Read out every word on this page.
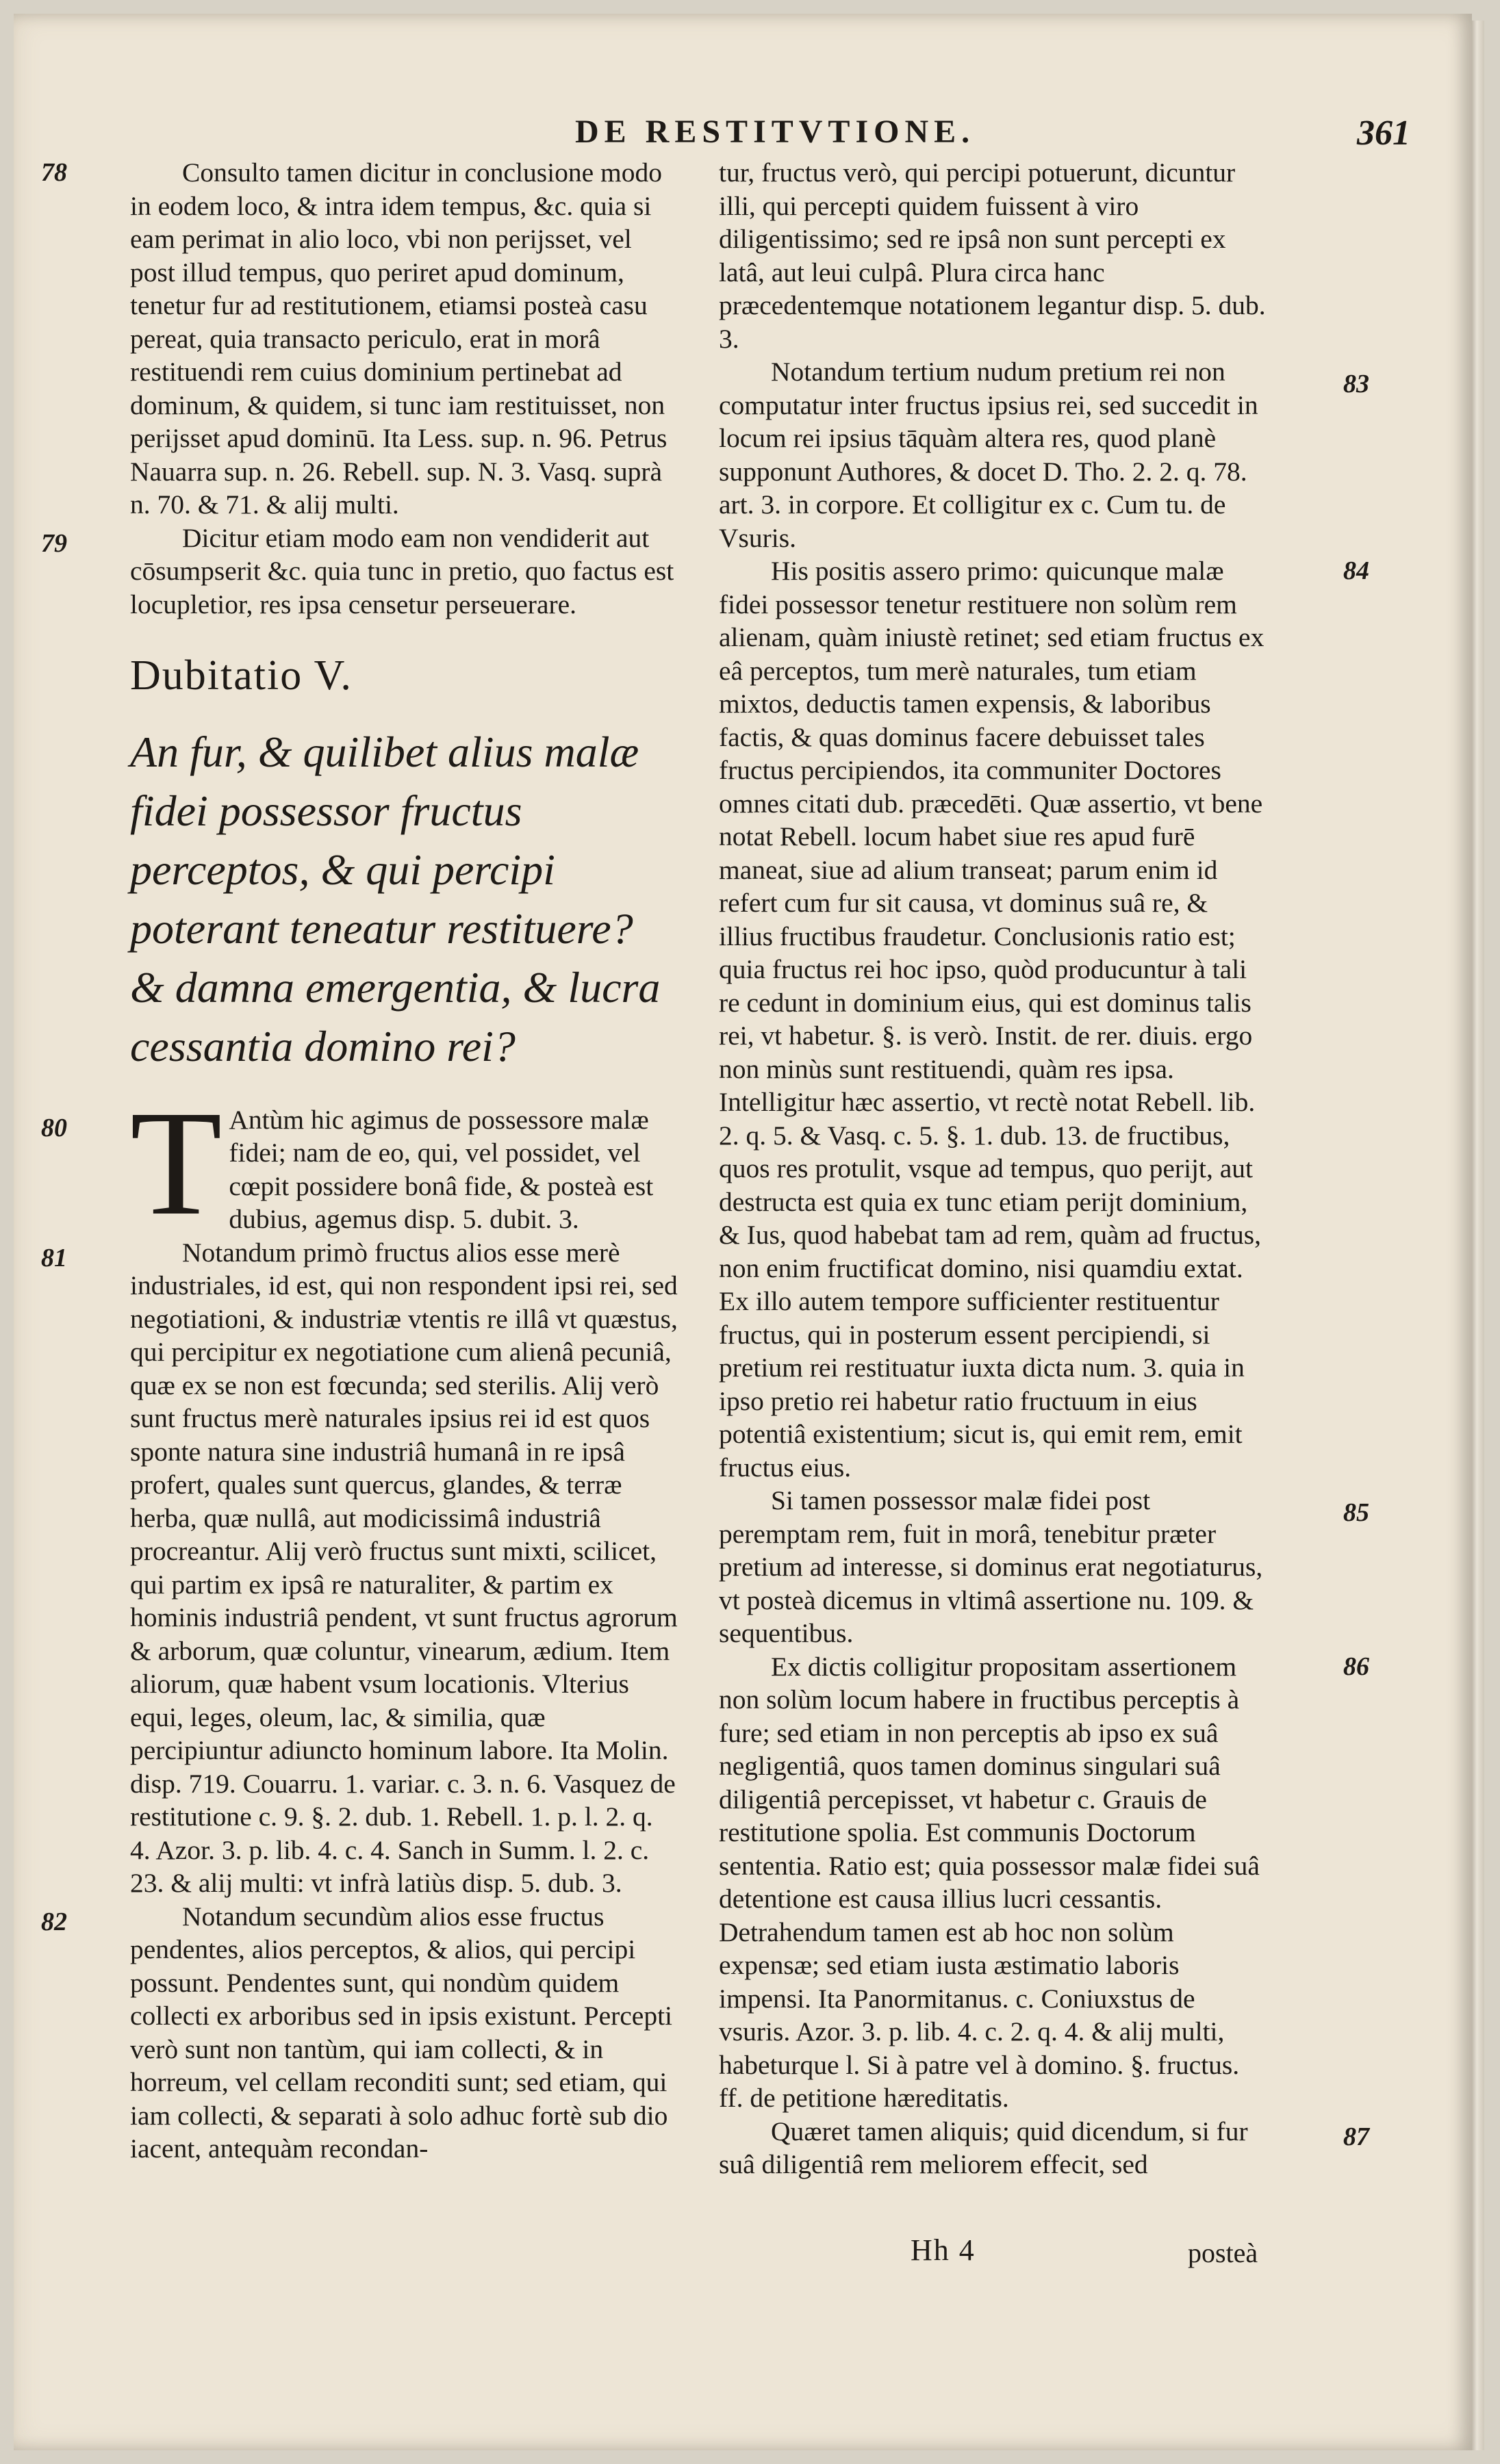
DE RESTITVTIONE.	361
78	Consulto tamen dicitur in conclusione modo in eodem loco, & intra idem tempus, &c. quia si eam perimat in alio loco, vbi non perijsset, vel post illud tempus, quo periret apud dominum, tenetur fur ad restitutionem, etiamsi posteà casu pereat, quia transacto periculo, erat in morâ restituendi rem cuius dominium pertinebat ad dominum, & quidem, si tunc iam restituisset, non perijsset apud dominū. Ita Less. sup. n. 96. Petrus Nauarra sup. n. 26. Rebell. sup. N. 3. Vasq. suprà n. 70. & 71. & alij multi.

79	Dicitur etiam modo eam non vendiderit aut cōsumpserit &c. quia tunc in pretio, quo factus est locupletior, res ipsa censetur perseuerare.

Dubitatio V.
An fur, & quilibet alius malæ fidei possessor fructus perceptos, & qui percipi poterant teneatur restituere? & damna emergentia, & lucra cessantia domino rei?
80 T Antùm hic agimus de possessore malæ fidei; nam de eo, qui, vel possidet, vel cœpit possidere bonâ fide, & posteà est dubius, agemus disp. 5. dubit. 3.

81	Notandum primò fructus alios esse merè industriales, id est, qui non respondent ipsi rei, sed negotiationi, & industriæ vtentis re illâ vt quæstus, qui percipitur ex negotiatione cum alienâ pecuniâ, quæ ex se non est fœcunda; sed sterilis. Alij verò sunt fructus merè naturales ipsius rei id est quos sponte natura sine industriâ humanâ in re ipsâ profert, quales sunt quercus, glandes, & terræ herba, quæ nullâ, aut modicissimâ industriâ procreantur. Alij verò fructus sunt mixti, scilicet, qui partim ex ipsâ re naturaliter, & partim ex hominis industriâ pendent, vt sunt fructus agrorum & arborum, quæ coluntur, vinearum, ædium. Item aliorum, quæ habent vsum locationis. Vlterius equi, leges, oleum, lac, & similia, quæ percipiuntur adiuncto hominum labore. Ita Molin. disp. 719. Couarru. 1. variar. c. 3. n. 6. Vasquez de restitutione c. 9. §. 2. dub. 1. Rebell. 1. p. l. 2. q. 4. Azor. 3. p. lib. 4. c. 4. Sanch in Summ. l. 2. c. 23. & alij multi: vt infrà latiùs disp. 5. dub. 3.

82	Notandum secundùm alios esse fructus pendentes, alios perceptos, & alios, qui percipi possunt. Pendentes sunt, qui nondùm quidem collecti ex arboribus sed in ipsis existunt. Percepti verò sunt non tantùm, qui iam collecti, & in horreum, vel cellam reconditi sunt; sed etiam, qui iam collecti, & separati à solo adhuc fortè sub dio iacent, antequàm recondan-

tur, fructus verò, qui percipi potuerunt, dicuntur illi, qui percepti quidem fuissent à viro diligentissimo; sed re ipsâ non sunt percepti ex latâ, aut leui culpâ. Plura circa hanc præcedentemque notationem legantur disp. 5. dub. 3.

83

Notandum tertium nudum pretium rei non computatur inter fructus ipsius rei, sed succedit in locum rei ipsius tāquàm altera res, quod planè supponunt Authores, & docet D. Tho. 2. 2. q. 78. art. 3. in corpore. Et colligitur ex c. Cum tu. de Vsuris.

84

His positis assero primo: quicunque malæ fidei possessor tenetur restituere non solùm rem alienam, quàm iniustè retinet; sed etiam fructus ex eâ perceptos, tum merè naturales, tum etiam mixtos, deductis tamen expensis, & laboribus factis, & quas dominus facere debuisset tales fructus percipiendos, ita communiter Doctores omnes citati dub. præcedēti. Quæ assertio, vt bene notat Rebell. locum habet siue res apud furē maneat, siue ad alium transeat; parum enim id refert cum fur sit causa, vt dominus suâ re, & illius fructibus fraudetur. Conclusionis ratio est; quia fructus rei hoc ipso, quòd producuntur à tali re cedunt in dominium eius, qui est dominus talis rei, vt habetur. §. is verò. Instit. de rer. diuis. ergo non minùs sunt restituendi, quàm res ipsa. Intelligitur hæc assertio, vt rectè notat Rebell. lib. 2. q. 5. & Vasq. c. 5. §. 1. dub. 13. de fructibus, quos res protulit, vsque ad tempus, quo perijt, aut destructa est quia ex tunc etiam perijt dominium, & Ius, quod habebat tam ad rem, quàm ad fructus, non enim fructificat domino, nisi quamdiu extat. Ex illo autem tempore sufficienter restituentur fructus, qui in posterum essent percipiendi, si pretium rei restituatur iuxta dicta num. 3. quia in ipso pretio rei habetur ratio fructuum in eius potentiâ existentium; sicut is, qui emit rem, emit fructus eius.

85

Si tamen possessor malæ fidei post peremptam rem, fuit in morâ, tenebitur præter pretium ad interesse, si dominus erat negotiaturus, vt posteà dicemus in vltimâ assertione nu. 109. & sequentibus.

86

Ex dictis colligitur propositam assertionem non solùm locum habere in fructibus perceptis à fure; sed etiam in non perceptis ab ipso ex suâ negligentiâ, quos tamen dominus singulari suâ diligentiâ percepisset, vt habetur c. Grauis de restitutione spolia. Est communis Doctorum sententia. Ratio est; quia possessor malæ fidei suâ detentione est causa illius lucri cessantis. Detrahendum tamen est ab hoc non solùm expensæ; sed etiam iusta æstimatio laboris impensi. Ita Panormitanus. c. Coniuxstus de vsuris. Azor. 3. p. lib. 4. c. 2. q. 4. & alij multi, habeturque l. Si à patre vel à domino. §. fructus. ff. de petitione hæreditatis.

87

Quæret tamen aliquis; quid dicendum, si fur suâ diligentiâ rem meliorem effecit, sed

Hh 4	posteà
